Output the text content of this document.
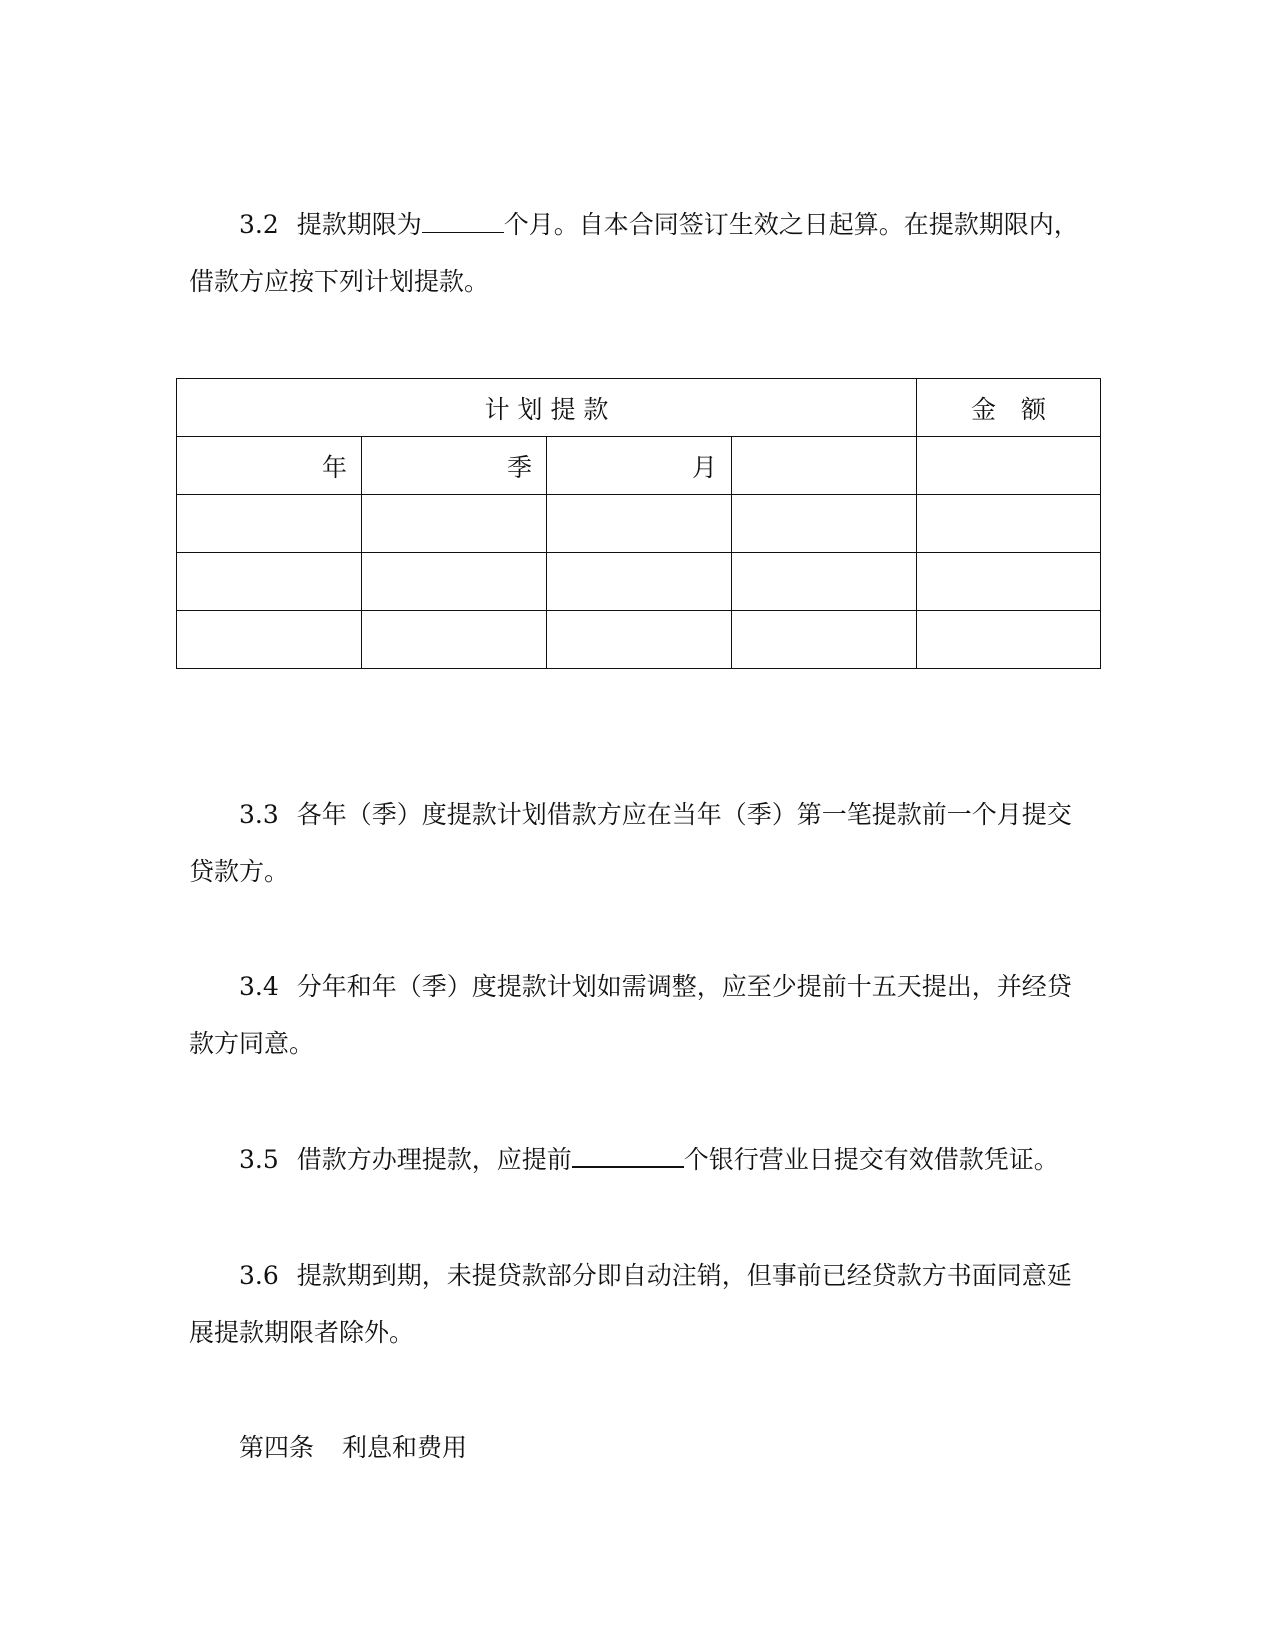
3.2 提款期限为	个月。自本合同签订生效之日起算。在提款期限内，借款方应按下列计划提款。

计 划 提 款				金　额
年	季	月		

3.3 各年（季）度提款计划借款方应在当年（季）第一笔提款前一个月提交贷款方。

3.4 分年和年（季）度提款计划如需调整，应至少提前十五天提出，并经贷款方同意。

3.5 借款方办理提款，应提前	个银行营业日提交有效借款凭证。

3.6 提款期到期，未提贷款部分即自动注销，但事前已经贷款方书面同意延展提款期限者除外。

第四条 利息和费用
